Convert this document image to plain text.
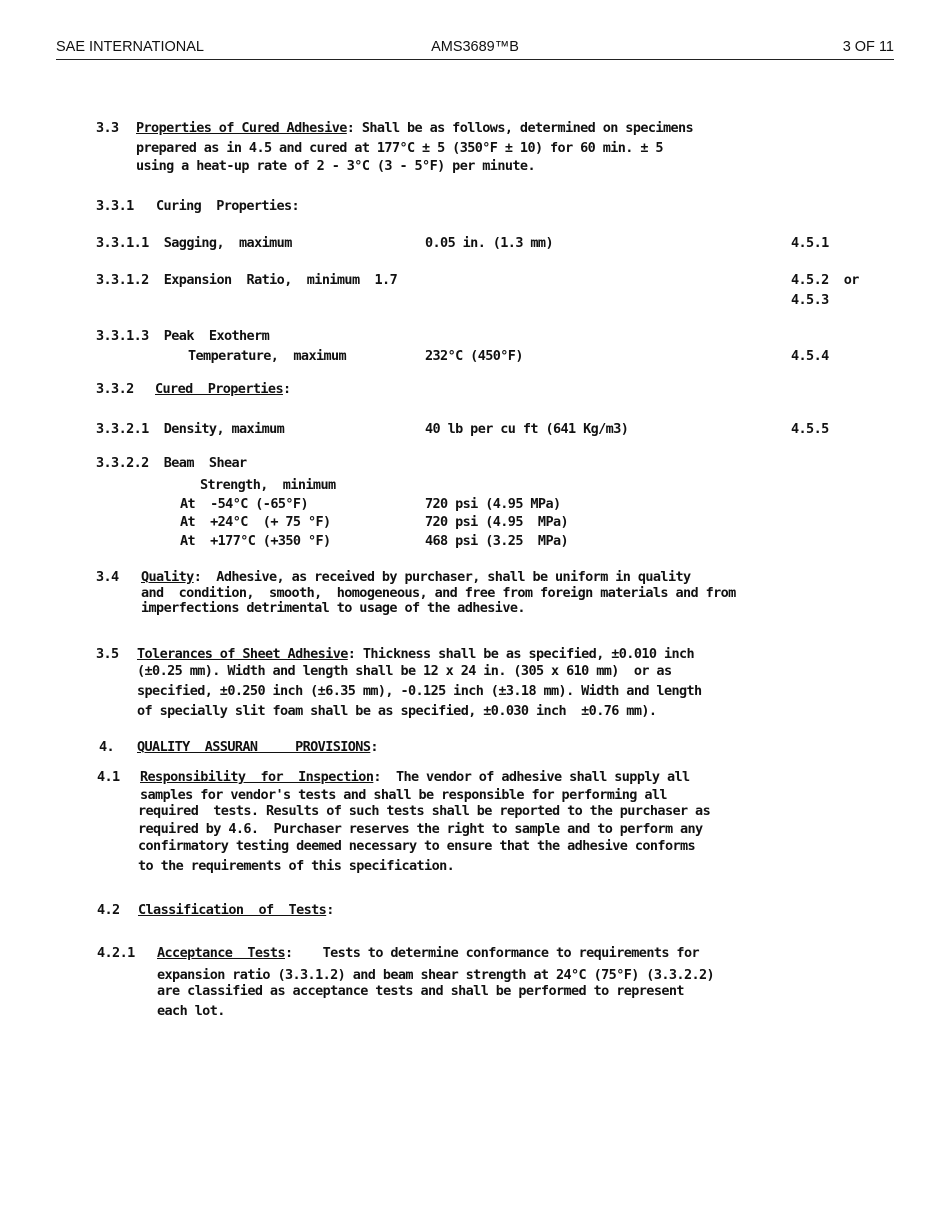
SAE INTERNATIONAL	AMS3689™B	3 OF 11
3.3 Properties of Cured Adhesive: Shall be as follows, determined on specimens
prepared as in 4.5 and cured at 177°C ± 5 (350°F ± 10) for 60 min. ± 5
using a heat-up rate of 2 - 3°C (3 - 5°F) per minute.
3.3.1 Curing  Properties:
3.3.1.1  Sagging,  maximum	0.05 in. (1.3 mm)	4.5.1
3.3.1.2  Expansion  Ratio,  minimum  1.7	4.5.2  or
4.5.3
3.3.1.3  Peak  Exotherm
Temperature,  maximum	232°C (450°F)	4.5.4
3.3.2 Cured  Properties:
3.3.2.1  Density, maximum	40 lb per cu ft (641 Kg/m3)	4.5.5
3.3.2.2  Beam  Shear
Strength,  minimum
At  -54°C (-65°F)	720 psi (4.95 MPa)
At  +24°C  (+ 75 °F)	720 psi (4.95  MPa)
At  +177°C (+350 °F)	468 psi (3.25  MPa)
3.4 Quality:  Adhesive, as received by purchaser, shall be uniform in quality
and  condition,  smooth,  homogeneous, and free from foreign materials and from
imperfections detrimental to usage of the adhesive.
3.5 Tolerances of Sheet Adhesive: Thickness shall be as specified, ±0.010 inch
(±0.25 mm). Width and length shall be 12 x 24 in. (305 x 610 mm)  or as
specified, ±0.250 inch (±6.35 mm), -0.125 inch (±3.18 mm). Width and length
of specially slit foam shall be as specified, ±0.030 inch  ±0.76 mm).
4. QUALITY  ASSURAN     PROVISIONS:
4.1 Responsibility  for  Inspection:  The vendor of adhesive shall supply all
samples for vendor's tests and shall be responsible for performing all
required  tests. Results of such tests shall be reported to the purchaser as
required by 4.6.  Purchaser reserves the right to sample and to perform any
confirmatory testing deemed necessary to ensure that the adhesive conforms
to the requirements of this specification.
4.2 Classification  of  Tests:
4.2.1 Acceptance  Tests:    Tests to determine conformance to requirements for
expansion ratio (3.3.1.2) and beam shear strength at 24°C (75°F) (3.3.2.2)
are classified as acceptance tests and shall be performed to represent
each lot.
